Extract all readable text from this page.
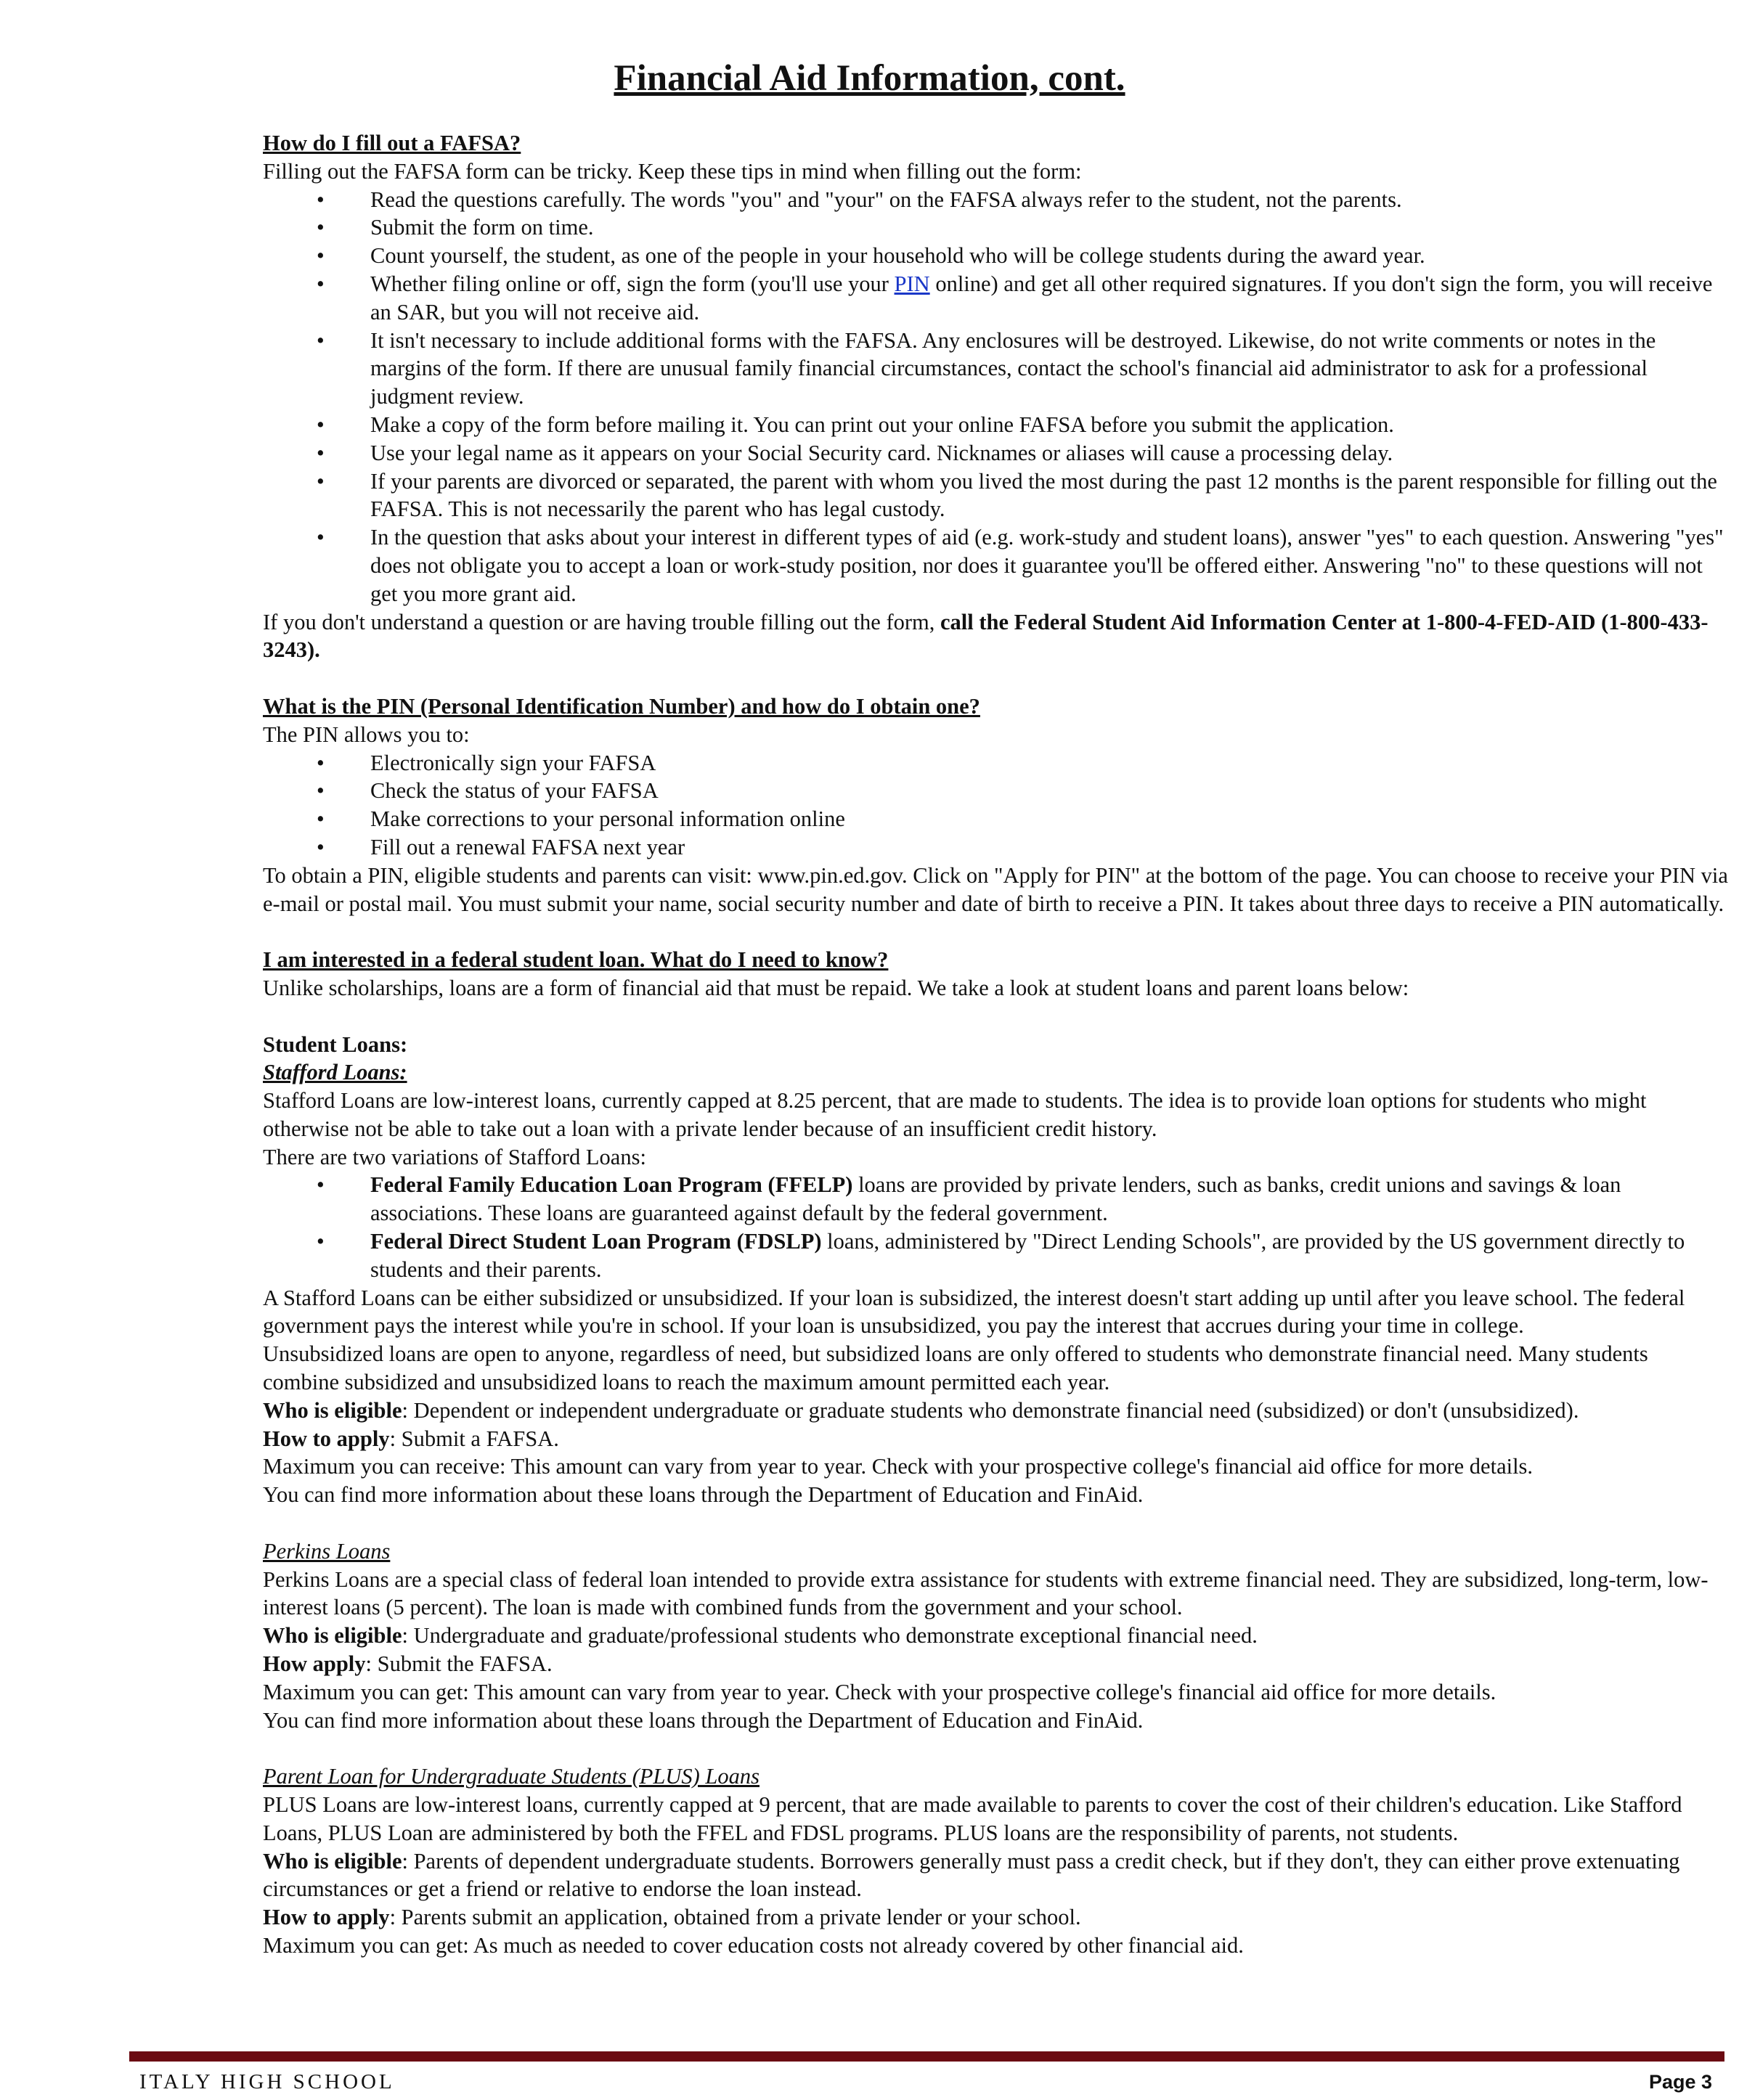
Financial Aid Information, cont.
How do I fill out a FAFSA?

Filling out the FAFSA form can be tricky. Keep these tips in mind when filling out the form:

• Read the questions carefully. The words "you" and "your" on the FAFSA always refer to the student, not the parents.
• Submit the form on time.
• Count yourself, the student, as one of the people in your household who will be college students during the award year.
• Whether filing online or off, sign the form (you'll use your PIN online) and get all other required signatures. If you don't sign the form, you will receive an SAR, but you will not receive aid.
• It isn't necessary to include additional forms with the FAFSA. Any enclosures will be destroyed. Likewise, do not write comments or notes in the margins of the form. If there are unusual family financial circumstances, contact the school's financial aid administrator to ask for a professional judgment review.
• Make a copy of the form before mailing it. You can print out your online FAFSA before you submit the application.
• Use your legal name as it appears on your Social Security card. Nicknames or aliases will cause a processing delay.
• If your parents are divorced or separated, the parent with whom you lived the most during the past 12 months is the parent responsible for filling out the FAFSA. This is not necessarily the parent who has legal custody.
• In the question that asks about your interest in different types of aid (e.g. work-study and student loans), answer "yes" to each question. Answering "yes" does not obligate you to accept a loan or work-study position, nor does it guarantee you'll be offered either. Answering "no" to these questions will not get you more grant aid.

If you don't understand a question or are having trouble filling out the form, call the Federal Student Aid Information Center at 1-800-4-FED-AID (1-800-433-3243).

What is the PIN (Personal Identification Number) and how do I obtain one?

The PIN allows you to:

• Electronically sign your FAFSA
• Check the status of your FAFSA
• Make corrections to your personal information online
• Fill out a renewal FAFSA next year

To obtain a PIN, eligible students and parents can visit: www.pin.ed.gov. Click on "Apply for PIN" at the bottom of the page. You can choose to receive your PIN via e-mail or postal mail. You must submit your name, social security number and date of birth to receive a PIN. It takes about three days to receive a PIN automatically.

I am interested in a federal student loan. What do I need to know?

Unlike scholarships, loans are a form of financial aid that must be repaid. We take a look at student loans and parent loans below:

Student Loans:
Stafford Loans:

Stafford Loans are low-interest loans, currently capped at 8.25 percent, that are made to students. The idea is to provide loan options for students who might otherwise not be able to take out a loan with a private lender because of an insufficient credit history.

There are two variations of Stafford Loans:

• Federal Family Education Loan Program (FFELP) loans are provided by private lenders, such as banks, credit unions and savings & loan associations. These loans are guaranteed against default by the federal government.
• Federal Direct Student Loan Program (FDSLP) loans, administered by "Direct Lending Schools", are provided by the US government directly to students and their parents.

A Stafford Loans can be either subsidized or unsubsidized. If your loan is subsidized, the interest doesn't start adding up until after you leave school. The federal government pays the interest while you're in school. If your loan is unsubsidized, you pay the interest that accrues during your time in college.

Unsubsidized loans are open to anyone, regardless of need, but subsidized loans are only offered to students who demonstrate financial need. Many students combine subsidized and unsubsidized loans to reach the maximum amount permitted each year.

Who is eligible: Dependent or independent undergraduate or graduate students who demonstrate financial need (subsidized) or don't (unsubsidized).

How to apply: Submit a FAFSA.

Maximum you can receive: This amount can vary from year to year. Check with your prospective college's financial aid office for more details.

You can find more information about these loans through the Department of Education and FinAid.

Perkins Loans

Perkins Loans are a special class of federal loan intended to provide extra assistance for students with extreme financial need. They are subsidized, long-term, low-interest loans (5 percent). The loan is made with combined funds from the government and your school.

Who is eligible: Undergraduate and graduate/professional students who demonstrate exceptional financial need.

How apply: Submit the FAFSA.

Maximum you can get: This amount can vary from year to year. Check with your prospective college's financial aid office for more details.

You can find more information about these loans through the Department of Education and FinAid.

Parent Loan for Undergraduate Students (PLUS) Loans

PLUS Loans are low-interest loans, currently capped at 9 percent, that are made available to parents to cover the cost of their children's education. Like Stafford Loans, PLUS Loan are administered by both the FFEL and FDSL programs. PLUS loans are the responsibility of parents, not students.

Who is eligible: Parents of dependent undergraduate students. Borrowers generally must pass a credit check, but if they don't, they can either prove extenuating circumstances or get a friend or relative to endorse the loan instead.

How to apply: Parents submit an application, obtained from a private lender or your school.

Maximum you can get: As much as needed to cover education costs not already covered by other financial aid.

ITALY HIGH SCHOOL	Page 3
